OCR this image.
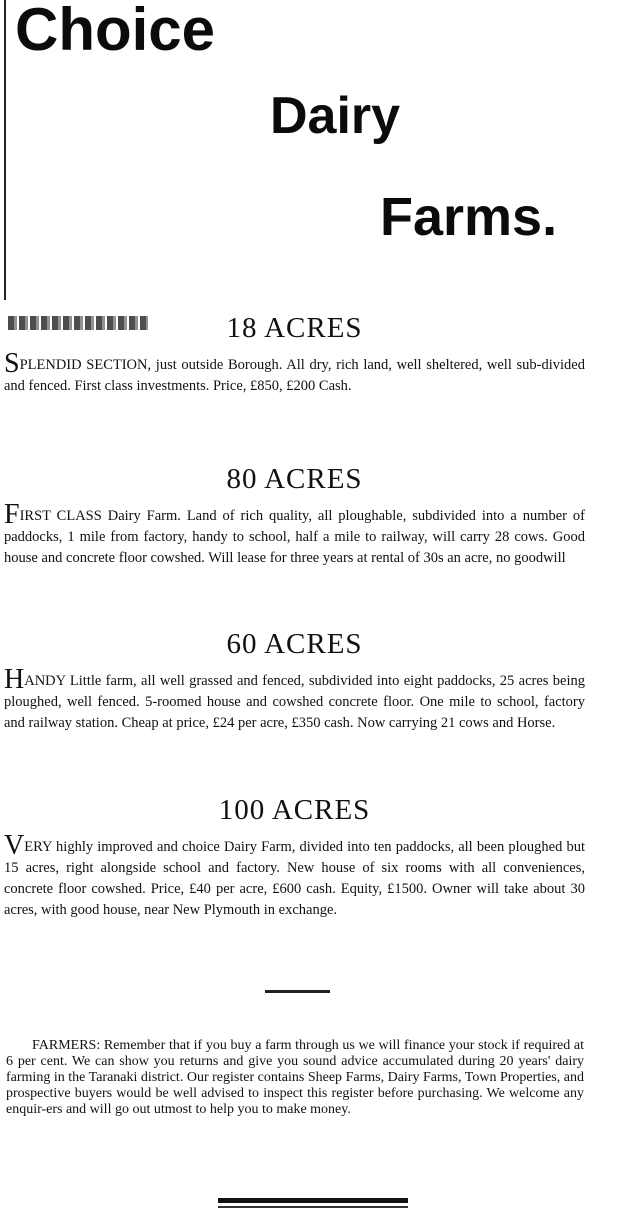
Choice
Dairy
Farms.
18 ACRES

SPLENDID SECTION, just outside Borough. All dry, rich land, well sheltered, well sub-divided and fenced. First class investments. Price, £850, £200 Cash.

80 ACRES

FIRST CLASS Dairy Farm. Land of rich quality, all ploughable, subdivided into a number of paddocks, 1 mile from factory, handy to school, half a mile to railway, will carry 28 cows. Good house and concrete floor cowshed. Will lease for three years at rental of 30s an acre, no goodwill

60 ACRES

HANDY Little farm, all well grassed and fenced, subdivided into eight paddocks, 25 acres being ploughed, well fenced. 5-roomed house and cowshed concrete floor. One mile to school, factory and railway station. Cheap at price, £24 per acre, £350 cash. Now carrying 21 cows and Horse.

100 ACRES

VERY highly improved and choice Dairy Farm, divided into ten paddocks, all been ploughed but 15 acres, right alongside school and factory. New house of six rooms with all conveniences, concrete floor cowshed. Price, £40 per acre, £600 cash. Equity, £1500. Owner will take about 30 acres, with good house, near New Plymouth in exchange.

FARMERS: Remember that if you buy a farm through us we will finance your stock if required at 6 per cent. We can show you returns and give you sound advice accumulated during 20 years' dairy farming in the Taranaki district. Our register contains Sheep Farms, Dairy Farms, Town Properties, and prospective buyers would be well advised to inspect this register before purchasing. We welcome any enquir-ers and will go out utmost to help you to make money.
